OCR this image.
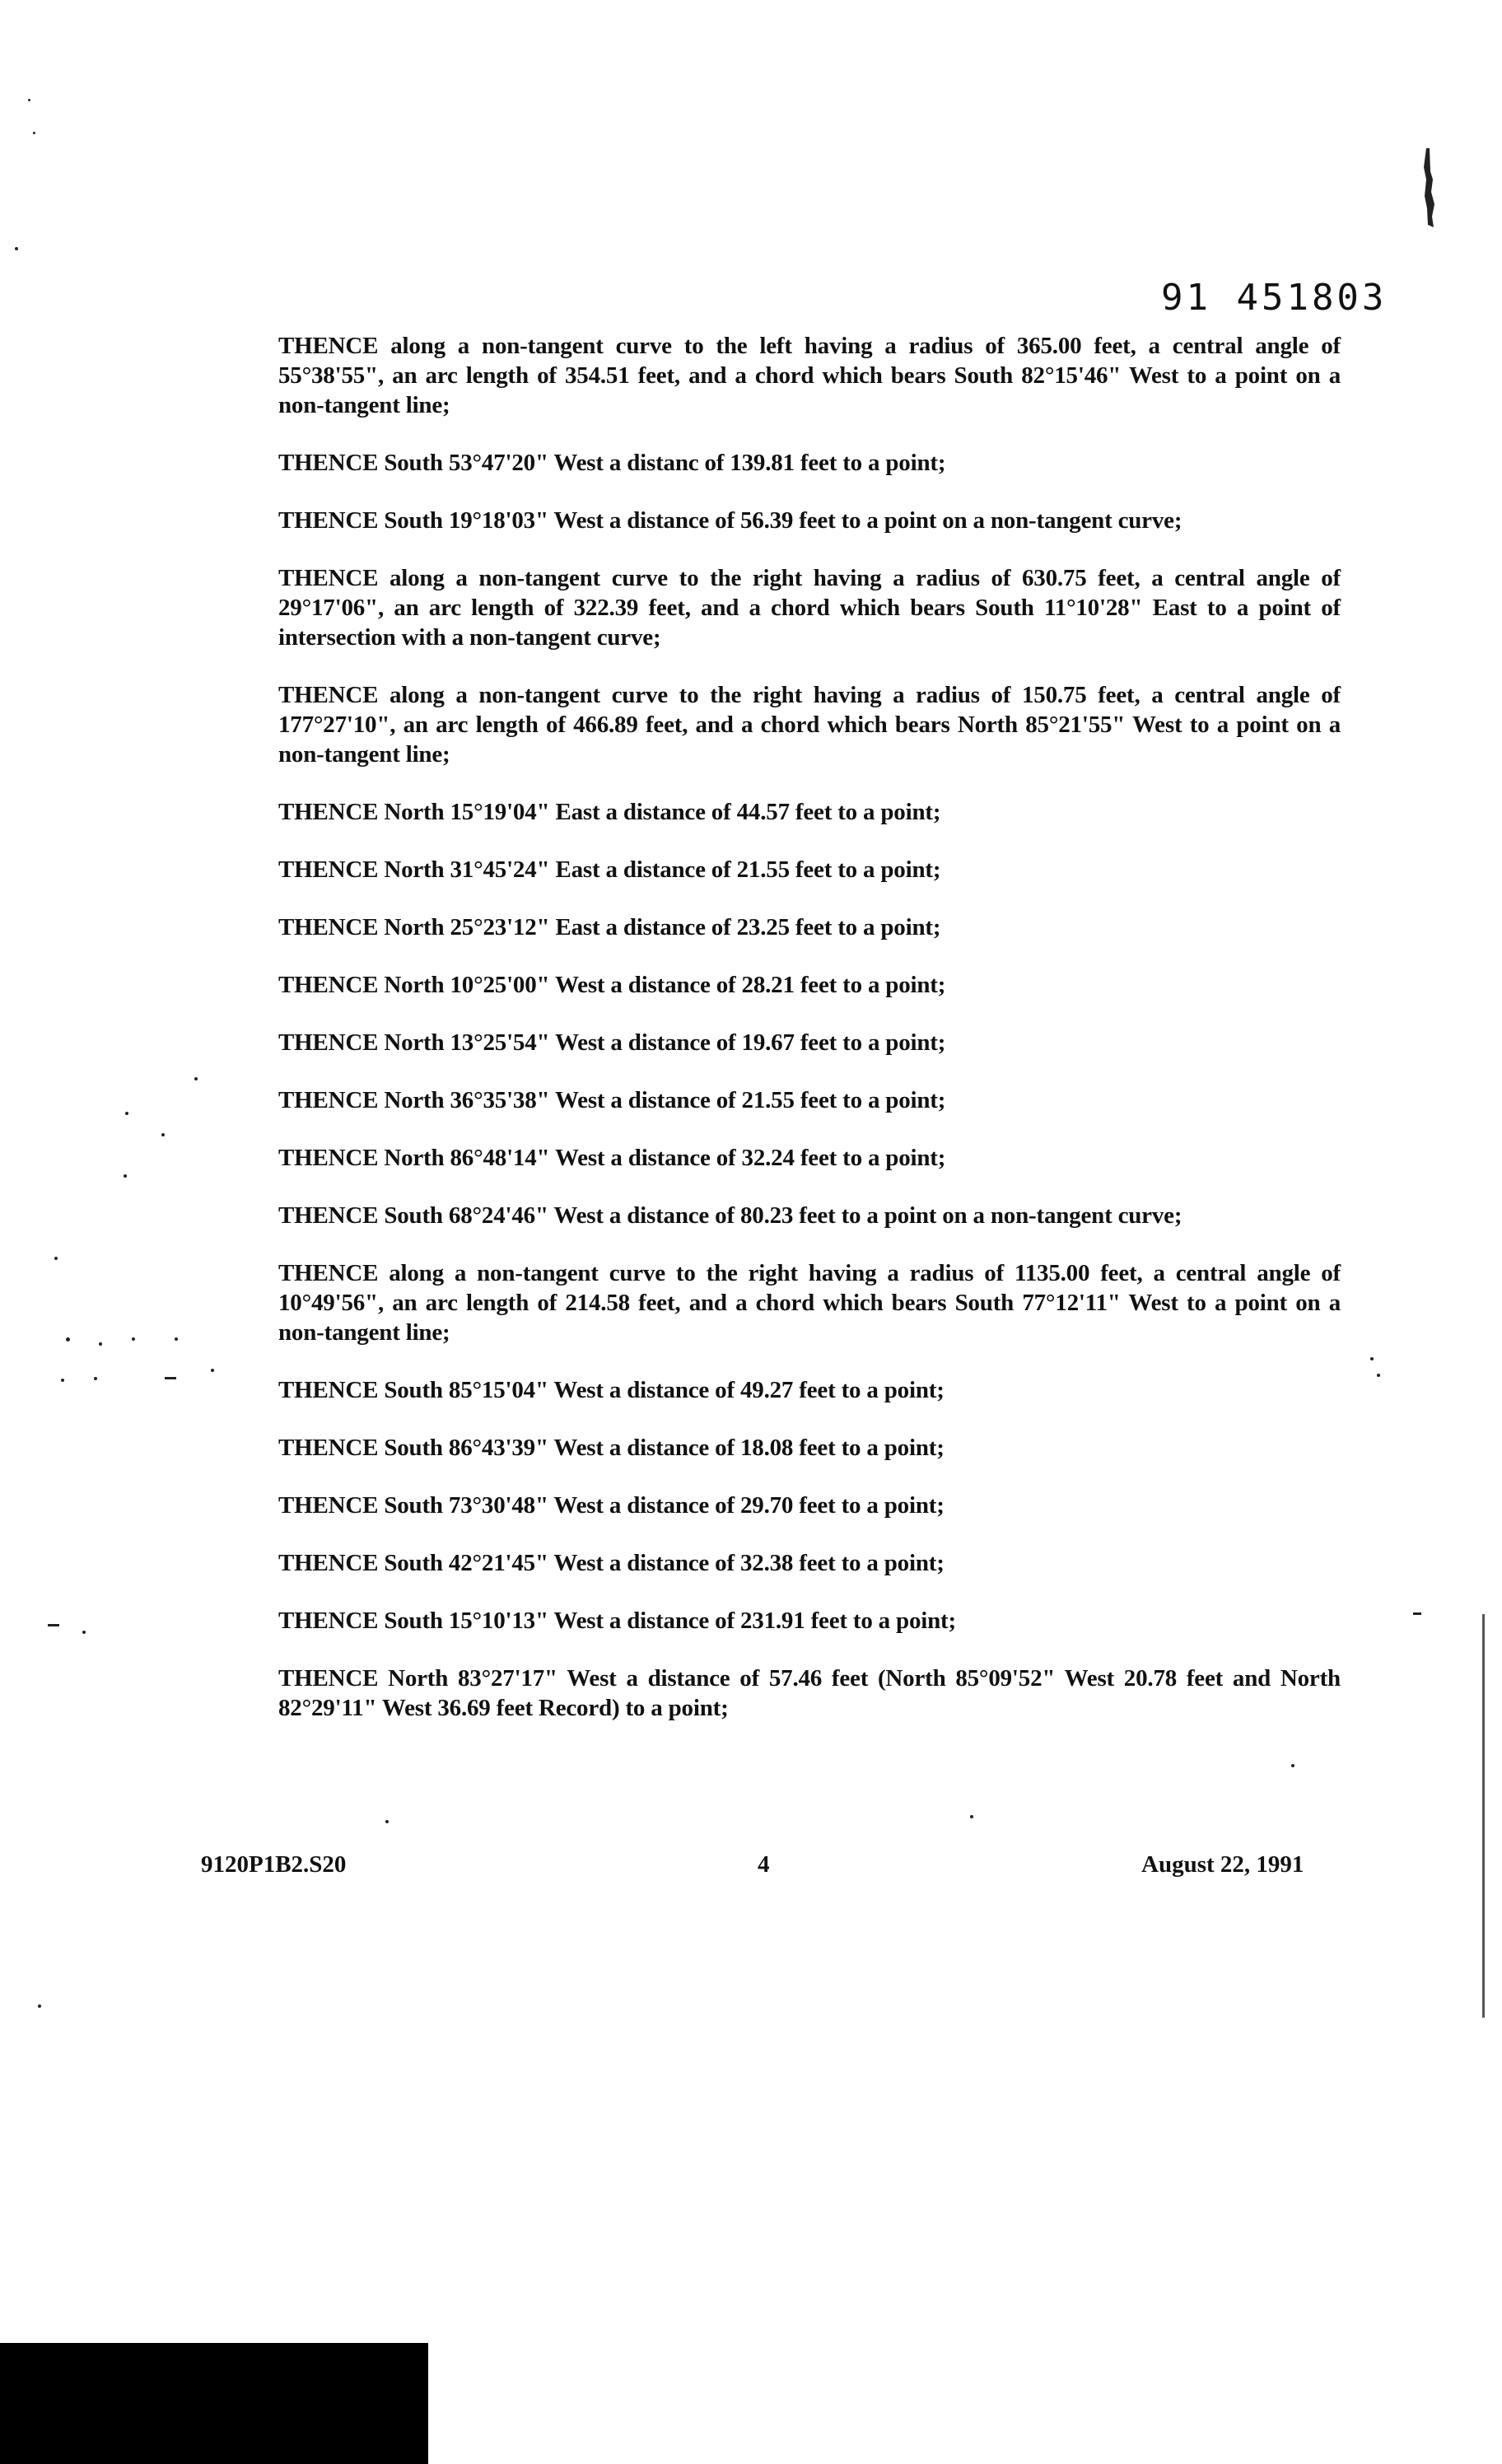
91 451803

THENCE along a non-tangent curve to the left having a radius of 365.00 feet, a central angle of 55°38'55", an arc length of 354.51 feet, and a chord which bears South 82°15'46" West to a point on a non-tangent line;

THENCE South 53°47'20" West a distanc of 139.81 feet to a point;

THENCE South 19°18'03" West a distance of 56.39 feet to a point on a non-tangent curve;

THENCE along a non-tangent curve to the right having a radius of 630.75 feet, a central angle of 29°17'06", an arc length of 322.39 feet, and a chord which bears South 11°10'28" East to a point of intersection with a non-tangent curve;

THENCE along a non-tangent curve to the right having a radius of 150.75 feet, a central angle of 177°27'10", an arc length of 466.89 feet, and a chord which bears North 85°21'55" West to a point on a non-tangent line;

THENCE North 15°19'04" East a distance of 44.57 feet to a point;

THENCE North 31°45'24" East a distance of 21.55 feet to a point;

THENCE North 25°23'12" East a distance of 23.25 feet to a point;

THENCE North 10°25'00" West a distance of 28.21 feet to a point;

THENCE North 13°25'54" West a distance of 19.67 feet to a point;

THENCE North 36°35'38" West a distance of 21.55 feet to a point;

THENCE North 86°48'14" West a distance of 32.24 feet to a point;

THENCE South 68°24'46" West a distance of 80.23 feet to a point on a non-tangent curve;

THENCE along a non-tangent curve to the right having a radius of 1135.00 feet, a central angle of 10°49'56", an arc length of 214.58 feet, and a chord which bears South 77°12'11" West to a point on a non-tangent line;

THENCE South 85°15'04" West a distance of 49.27 feet to a point;

THENCE South 86°43'39" West a distance of 18.08 feet to a point;

THENCE South 73°30'48" West a distance of 29.70 feet to a point;

THENCE South 42°21'45" West a distance of 32.38 feet to a point;

THENCE South 15°10'13" West a distance of 231.91 feet to a point;

THENCE North 83°27'17" West a distance of 57.46 feet (North 85°09'52" West 20.78 feet and North 82°29'11" West 36.69 feet Record) to a point;

9120P1B2.S20	4	August 22, 1991
